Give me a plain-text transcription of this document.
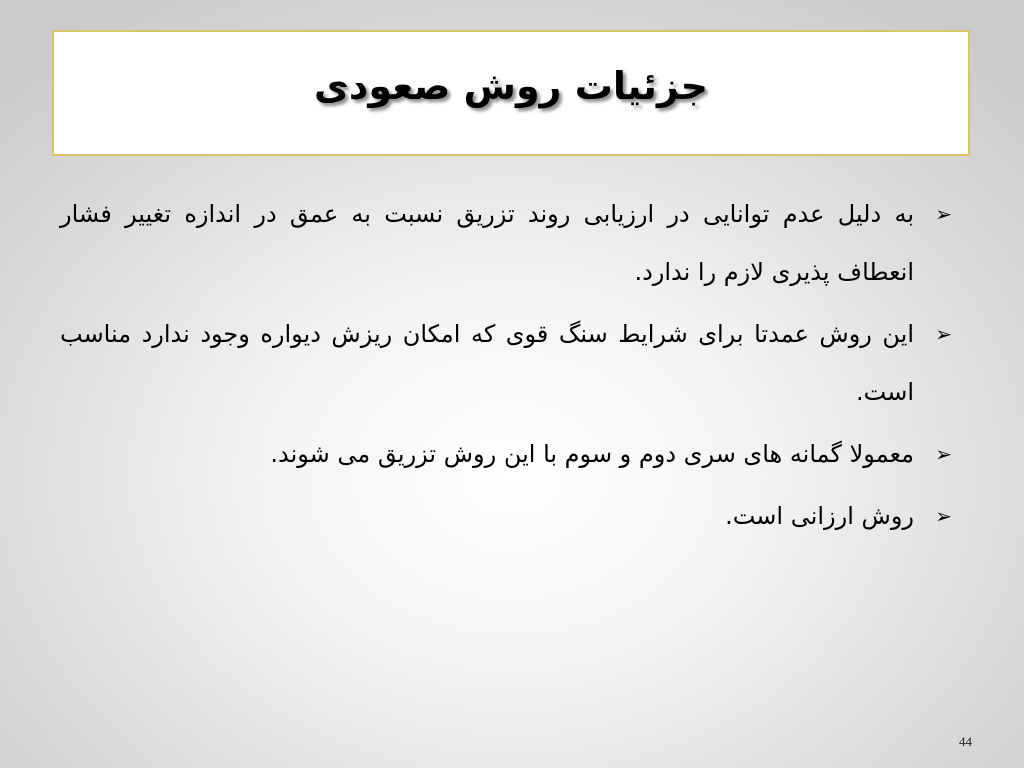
جزئیات روش صعودی
➢
به دلیل عدم توانایی در ارزیابی روند تزریق نسبت به عمق در اندازه تغییر فشار انعطاف پذیری لازم را ندارد.
➢
این روش عمدتا برای شرایط سنگ قوی که امکان ریزش دیواره وجود ندارد مناسب است.
➢
معمولا گمانه های سری دوم و سوم با این روش تزریق می شوند.
➢
روش ارزانی است.
44
